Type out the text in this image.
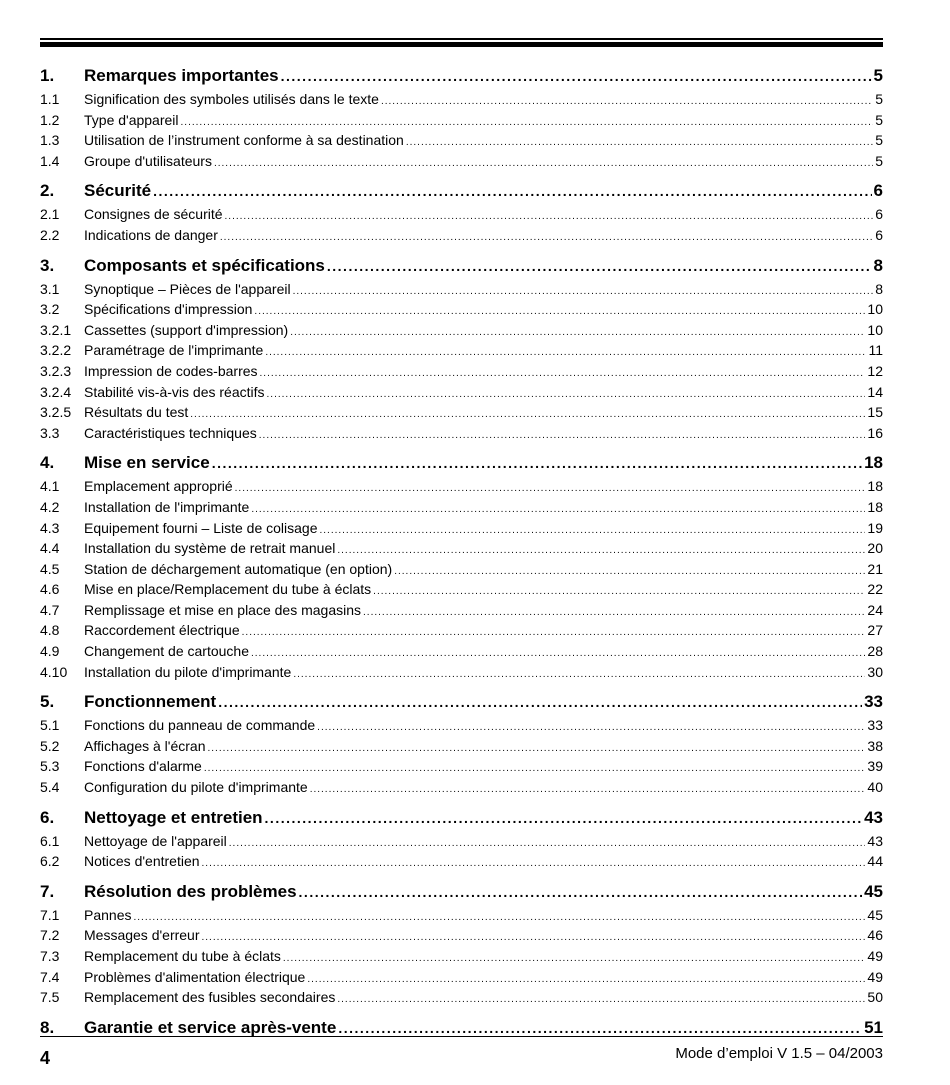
1.	Remarques importantes .....	5
1.1	Signification des symboles utilisés dans le texte .....	5
1.2	Type d'appareil .....	5
1.3	Utilisation de l’instrument conforme à sa destination .....	5
1.4	Groupe d'utilisateurs .....	5
2.	Sécurité .....	6
2.1	Consignes de sécurité .....	6
2.2	Indications de danger .....	6
3.	Composants et spécifications .....	8
3.1	Synoptique – Pièces de l'appareil .....	8
3.2	Spécifications d'impression .....	10
3.2.1 Cassettes (support d'impression) .....	10
3.2.2 Paramétrage de l'imprimante .....	11
3.2.3 Impression de codes-barres .....	12
3.2.4 Stabilité vis-à-vis des réactifs .....	14
3.2.5 Résultats du test .....	15
3.3	Caractéristiques techniques .....	16
4.	Mise en service .....	18
4.1	Emplacement approprié .....	18
4.2	Installation de l'imprimante .....	18
4.3	Equipement fourni – Liste de colisage .....	19
4.4	Installation du système de retrait manuel .....	20
4.5	Station de déchargement automatique (en option) .....	21
4.6	Mise en place/Remplacement du tube à éclats .....	22
4.7	Remplissage et mise en place des magasins .....	24
4.8	Raccordement électrique .....	27
4.9	Changement de cartouche .....	28
4.10	Installation du pilote d'imprimante .....	30
5.	Fonctionnement .....	33
5.1	Fonctions du panneau de commande .....	33
5.2	Affichages à l'écran .....	38
5.3	Fonctions d'alarme .....	39
5.4	Configuration du pilote d'imprimante .....	40
6.	Nettoyage et entretien .....	43
6.1	Nettoyage de l'appareil .....	43
6.2	Notices d'entretien .....	44
7.	Résolution des problèmes .....	45
7.1	Pannes .....	45
7.2	Messages d'erreur .....	46
7.3	Remplacement du tube à éclats .....	49
7.4	Problèmes d'alimentation électrique .....	49
7.5	Remplacement des fusibles secondaires .....	50
8.	Garantie et service après-vente .....	51
4	Mode d’emploi V 1.5 – 04/2003
